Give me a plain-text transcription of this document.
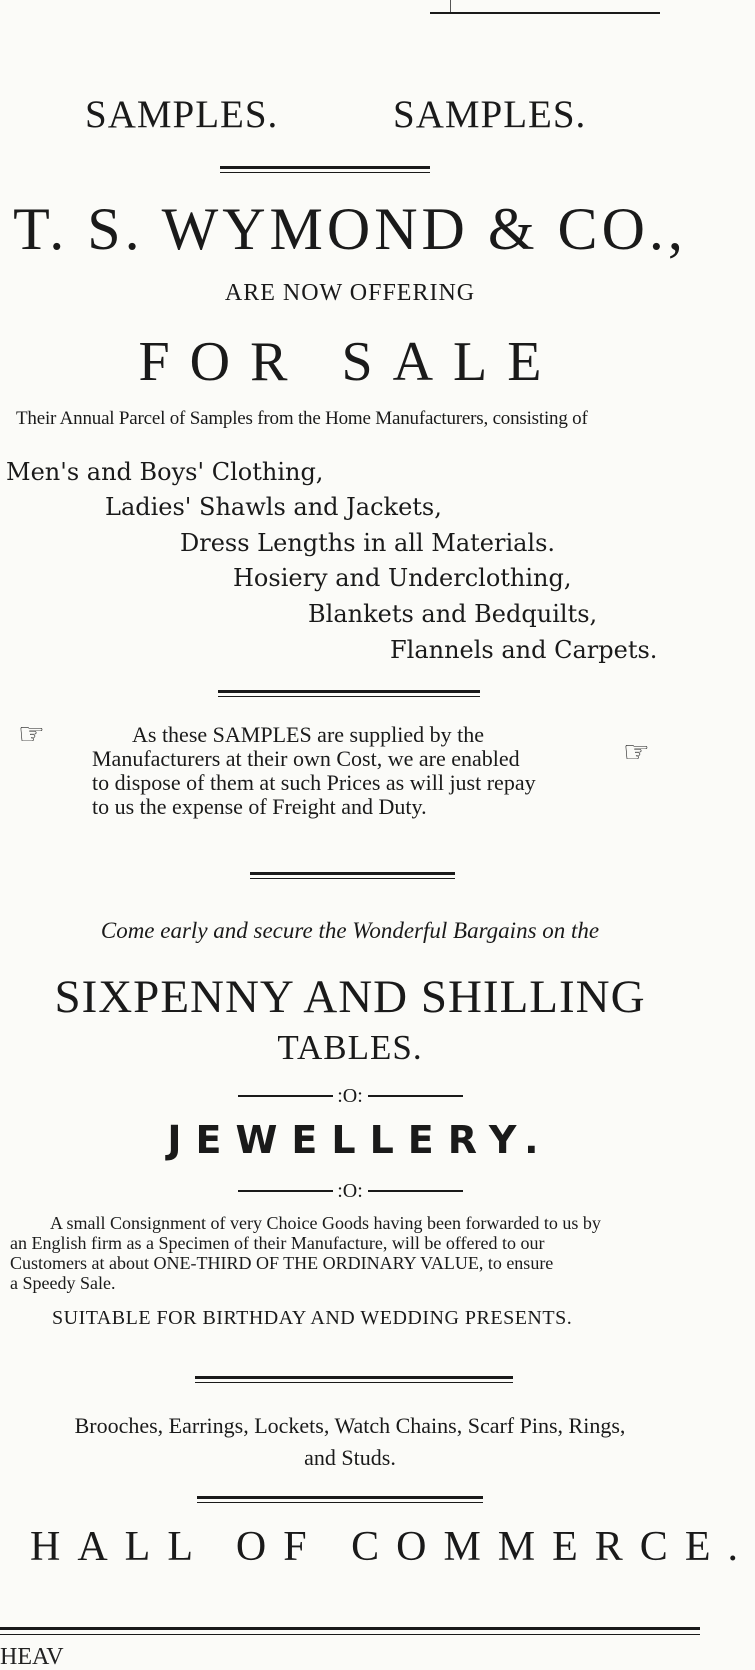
SAMPLES.	SAMPLES.
T. S. WYMOND & CO.,
ARE NOW OFFERING
FOR SALE
Their Annual Parcel of Samples from the Home Manufacturers, consisting of
Men's and Boys' Clothing,
Ladies' Shawls and Jackets,
Dress Lengths in all Materials.
Hosiery and Underclothing,
Blankets and Bedquilts,
Flannels and Carpets.
☞
☜

As these SAMPLES are supplied by the

Manufacturers at their own Cost, we are enabled

to dispose of them at such Prices as will just repay

to us the expense of Freight and Duty.

Come early and secure the Wonderful Bargains on the
SIXPENNY AND SHILLING
TABLES.
:O:
JEWELLERY.
:O:

A small Consignment of very Choice Goods having been forwarded to us by

an English firm as a Specimen of their Manufacture, will be offered to our

Customers at about ONE-THIRD OF THE ORDINARY VALUE, to ensure

a Speedy Sale.

SUITABLE FOR BIRTHDAY AND WEDDING PRESENTS.
Brooches, Earrings, Lockets, Watch Chains, Scarf Pins, Rings,
and Studs.
HALL OF COMMERCE.
HEAV
